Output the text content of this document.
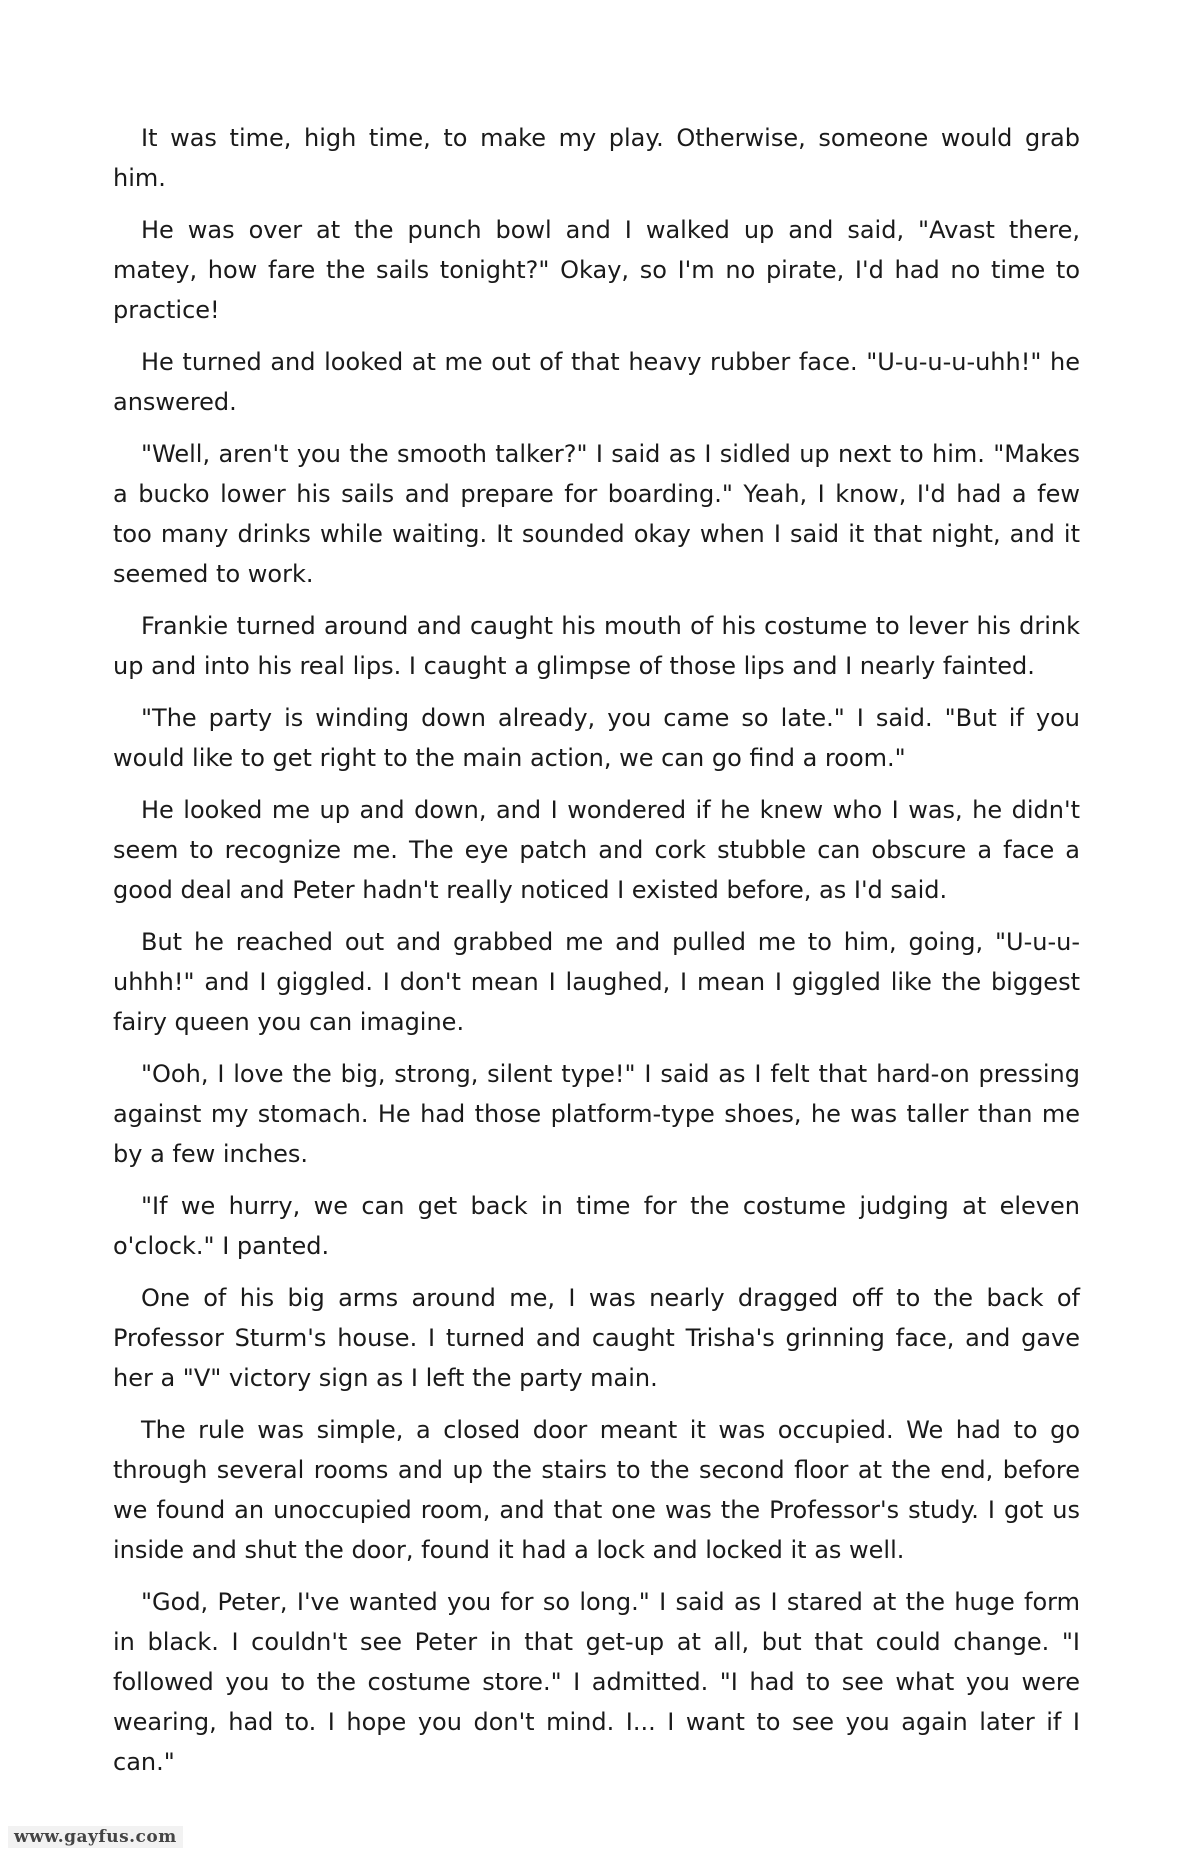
It was time, high time, to make my play. Otherwise, someone would grab him.

He was over at the punch bowl and I walked up and said, "Avast there, matey, how fare the sails tonight?" Okay, so I'm no pirate, I'd had no time to practice!

He turned and looked at me out of that heavy rubber face. "U-u-u-u-uhh!" he answered.

"Well, aren't you the smooth talker?" I said as I sidled up next to him. "Makes a bucko lower his sails and prepare for boarding." Yeah, I know, I'd had a few too many drinks while waiting. It sounded okay when I said it that night, and it seemed to work.

Frankie turned around and caught his mouth of his costume to lever his drink up and into his real lips. I caught a glimpse of those lips and I nearly fainted.

"The party is winding down already, you came so late." I said. "But if you would like to get right to the main action, we can go find a room."

He looked me up and down, and I wondered if he knew who I was, he didn't seem to recognize me. The eye patch and cork stubble can obscure a face a good deal and Peter hadn't really noticed I existed before, as I'd said.

But he reached out and grabbed me and pulled me to him, going, "U-u-u-uhhh!" and I giggled. I don't mean I laughed, I mean I giggled like the biggest fairy queen you can imagine.

"Ooh, I love the big, strong, silent type!" I said as I felt that hard-on pressing against my stomach. He had those platform-type shoes, he was taller than me by a few inches.

"If we hurry, we can get back in time for the costume judging at eleven o'clock." I panted.

One of his big arms around me, I was nearly dragged off to the back of Professor Sturm's house. I turned and caught Trisha's grinning face, and gave her a "V" victory sign as I left the party main.

The rule was simple, a closed door meant it was occupied. We had to go through several rooms and up the stairs to the second floor at the end, before we found an unoccupied room, and that one was the Professor's study. I got us inside and shut the door, found it had a lock and locked it as well.

"God, Peter, I've wanted you for so long." I said as I stared at the huge form in black. I couldn't see Peter in that get-up at all, but that could change. "I followed you to the costume store." I admitted. "I had to see what you were wearing, had to. I hope you don't mind. I... I want to see you again later if I can."

www.gayfus.com
